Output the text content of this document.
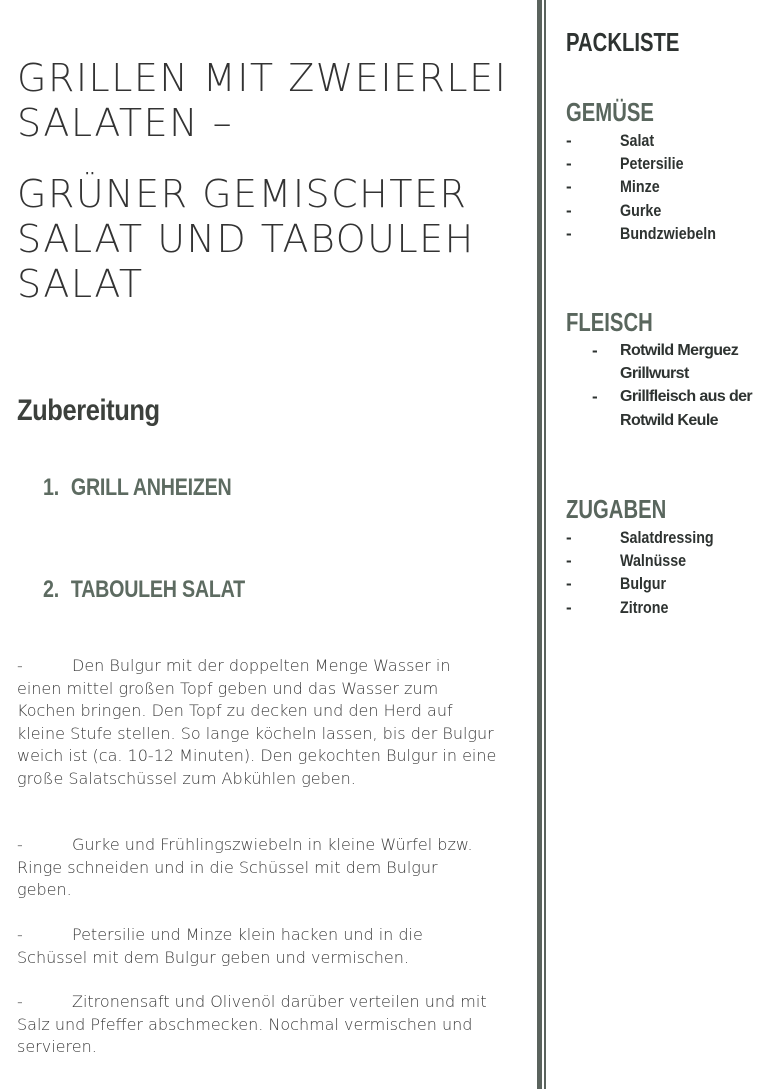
GRILLEN MIT ZWEIERLEI SALATEN –
GRÜNER GEMISCHTER SALAT UND TABOULEH SALAT
Zubereitung
1. GRILL ANHEIZEN
2. TABOULEH SALAT
-	Den Bulgur mit der doppelten Menge Wasser in einen mittel großen Topf geben und das Wasser zum Kochen bringen. Den Topf zu decken und den Herd auf kleine Stufe stellen. So lange köcheln lassen, bis der Bulgur weich ist (ca. 10-12 Minuten). Den gekochten Bulgur in eine große Salatschüssel zum Abkühlen geben.
-	Gurke und Frühlingszwiebeln in kleine Würfel bzw. Ringe schneiden und in die Schüssel mit dem Bulgur geben.
-	Petersilie und Minze klein hacken und in die Schüssel mit dem Bulgur geben und vermischen.
-	Zitronensaft und Olivenöl darüber verteilen und mit Salz und Pfeffer abschmecken. Nochmal vermischen und servieren.
PACKLISTE
GEMÜSE
-	Salat
-	Petersilie
-	Minze
-	Gurke
-	Bundzwiebeln
FLEISCH
- Rotwild Merguez Grillwurst
- Grillfleisch aus der Rotwild Keule
ZUGABEN
-	Salatdressing
-	Walnüsse
-	Bulgur
-	Zitrone
